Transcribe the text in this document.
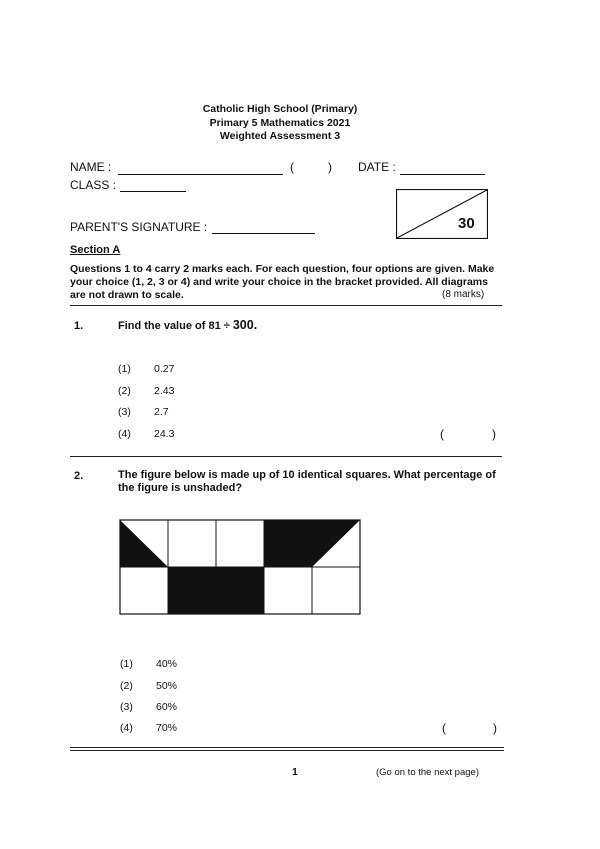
Catholic High School (Primary)
Primary 5 Mathematics 2021
Weighted Assessment 3
NAME :	(	) DATE :
CLASS :
PARENT'S SIGNATURE :	30
Section A
Questions 1 to 4 carry 2 marks each. For each question, four options are given. Make your choice (1, 2, 3 or 4) and write your choice in the bracket provided. All diagrams are not drawn to scale.	(8 marks)
1.	Find the value of 81 ÷ 300.
(1) 0.27
(2) 2.43
(3) 2.7
(4) 24.3	(	)
2.	The figure below is made up of 10 identical squares. What percentage of the figure is unshaded?
(1) 40%
(2) 50%
(3) 60%
(4) 70%	(	)
1	(Go on to the next page)
